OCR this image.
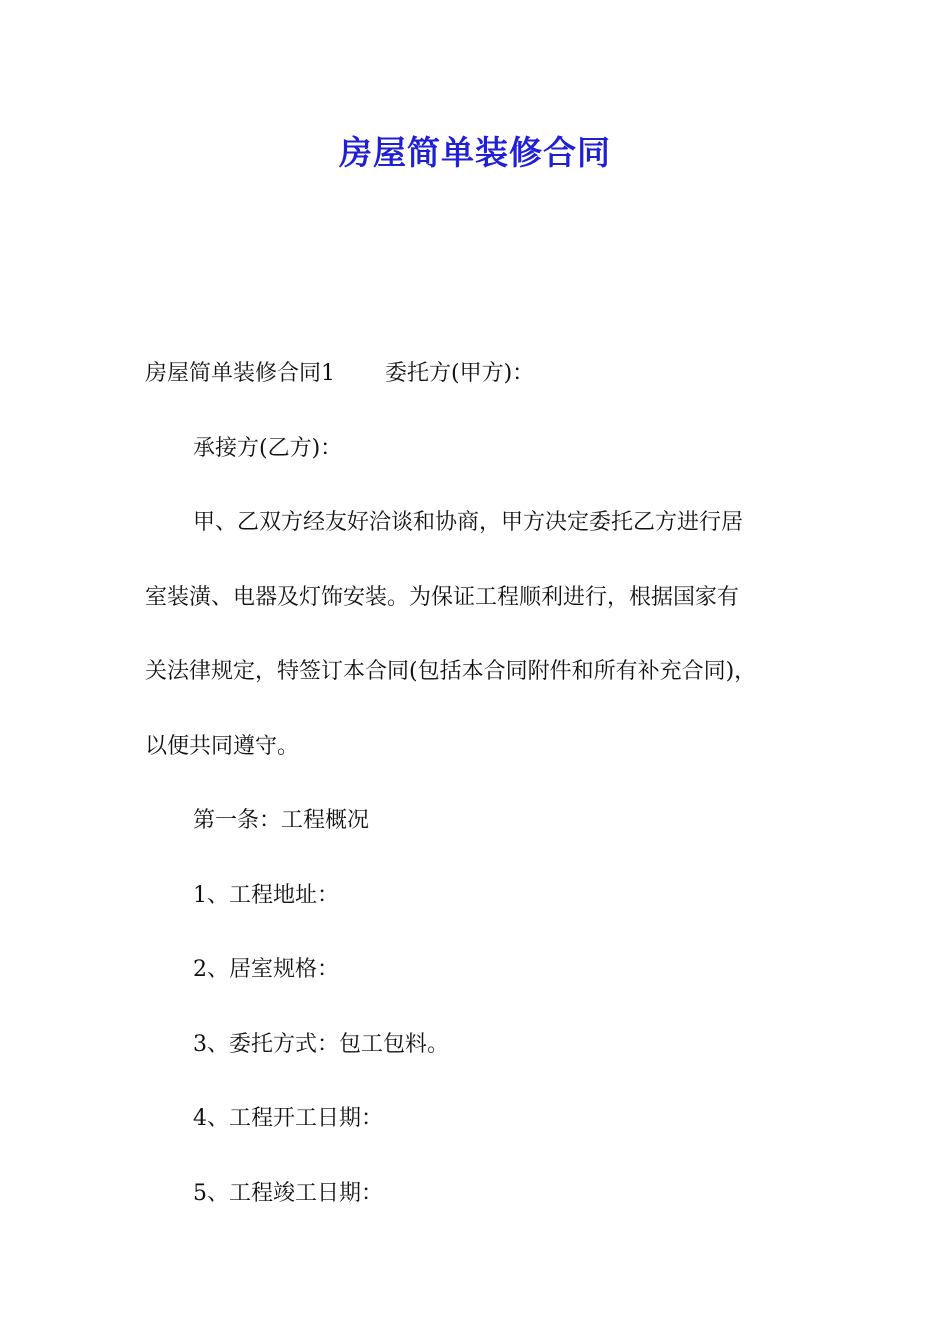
房屋简单装修合同
房屋简单装修合同1 委托方(甲方)：
承接方(乙方)：
甲、乙双方经友好洽谈和协商，甲方决定委托乙方进行居
室装潢、电器及灯饰安装。为保证工程顺利进行，根据国家有
关法律规定，特签订本合同(包括本合同附件和所有补充合同)，
以便共同遵守。
第一条：工程概况
1、工程地址：
2、居室规格：
3、委托方式：包工包料。
4、工程开工日期：
5、工程竣工日期：
